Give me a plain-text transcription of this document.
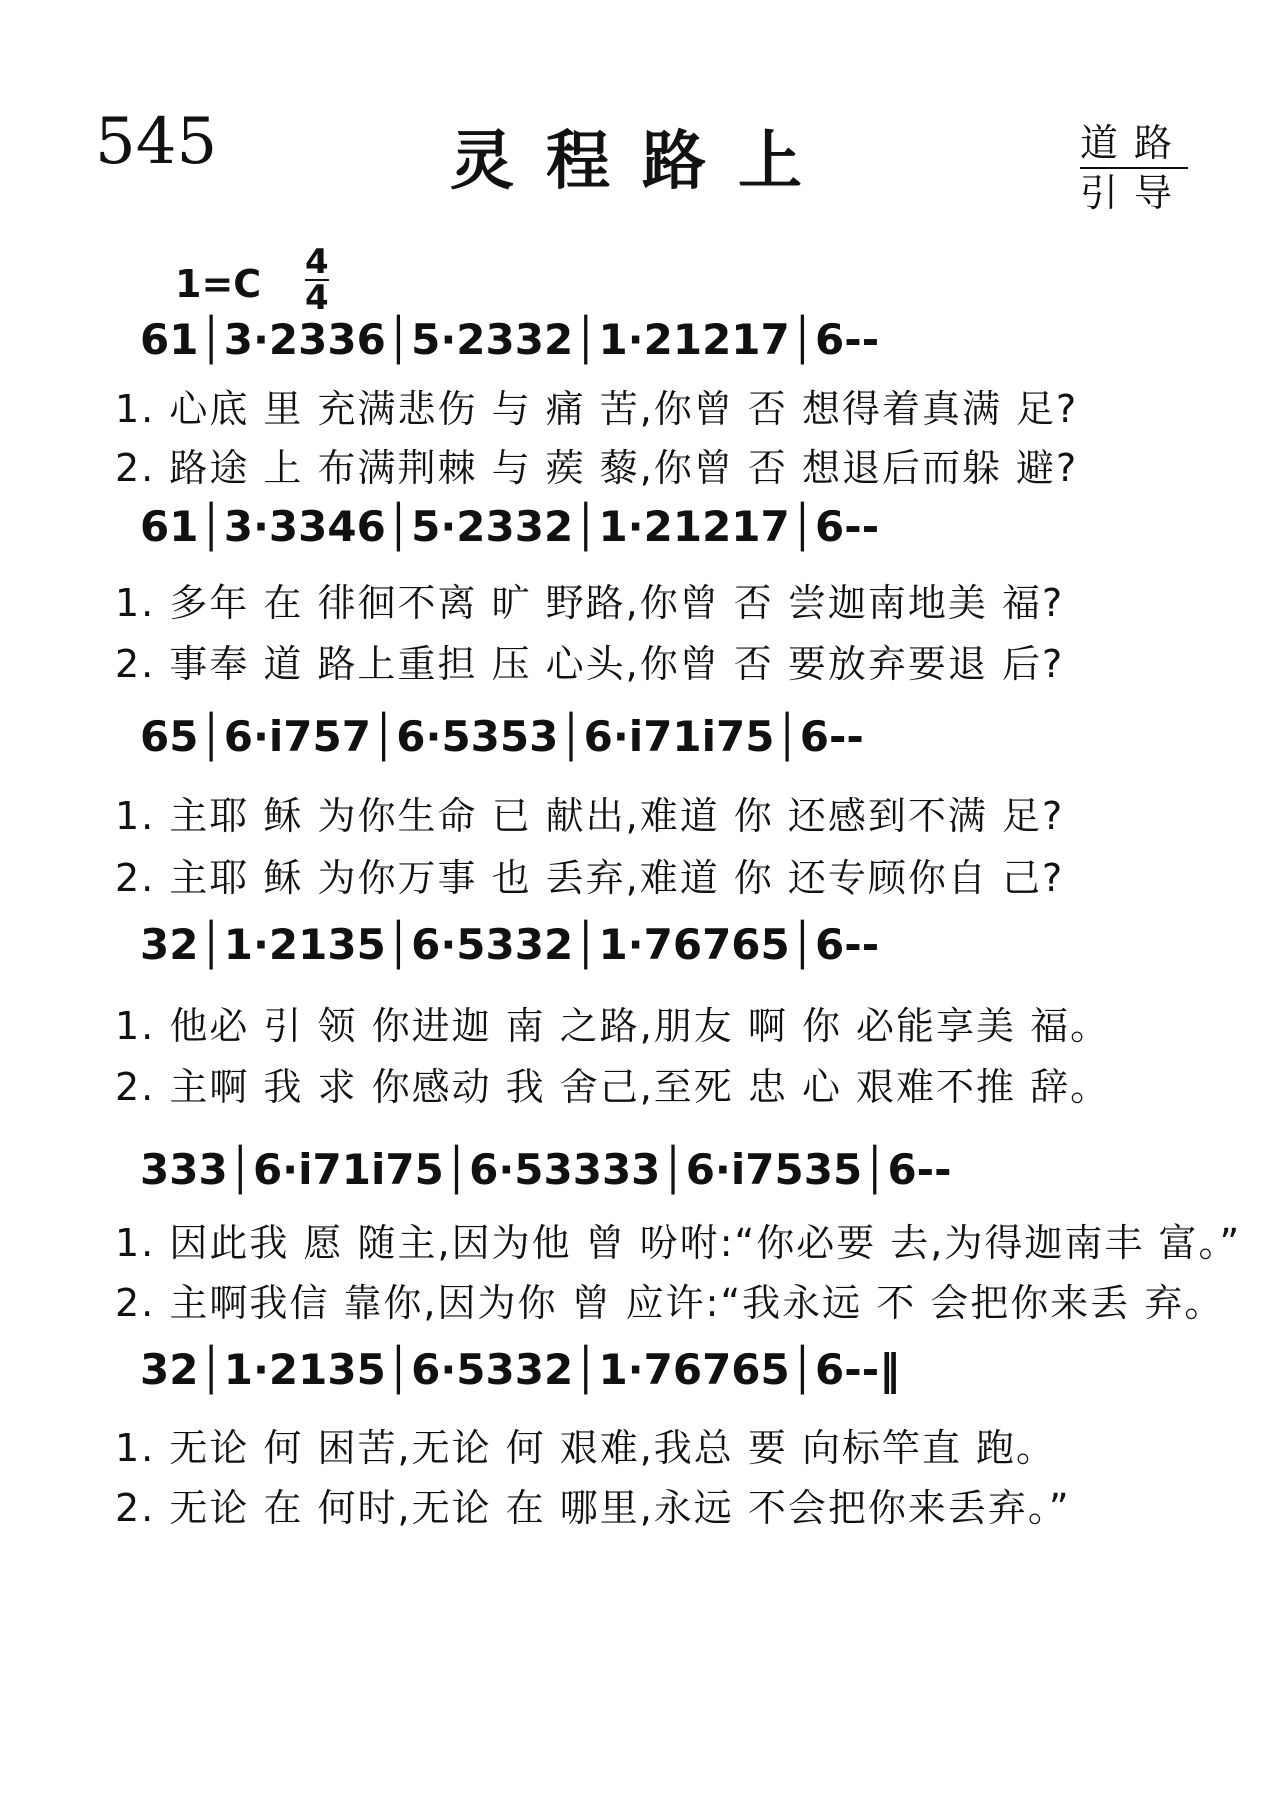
545	灵程路上	道路
引导
1=C 4
4
61│3·2336│5·2332│1·21217│6--
1. 心底 里 充满悲伤 与 痛 苦,你曾 否 想得着真满 足?
2. 路途 上 布满荆棘 与 蒺 藜,你曾 否 想退后而躲 避?
61│3·3346│5·2332│1·21217│6--
1. 多年 在 徘徊不离 旷 野路,你曾 否 尝迦南地美 福?
2. 事奉 道 路上重担 压 心头,你曾 否 要放弃要退 后?
65│6·i757│6·5353│6·i71i75│6--
1. 主耶 稣 为你生命 已 献出,难道 你 还感到不满 足?
2. 主耶 稣 为你万事 也 丢弃,难道 你 还专顾你自 己?
32│1·2135│6·5332│1·76765│6--
1. 他必 引 领 你进迦 南 之路,朋友 啊 你 必能享美 福。
2. 主啊 我 求 你感动 我 舍己,至死 忠 心 艰难不推 辞。
333│6·i71i75│6·53333│6·i7535│6--
1. 因此我 愿 随主,因为他 曾 吩咐:“你必要 去,为得迦南丰 富。”
2. 主啊我信 靠你,因为你 曾 应许:“我永远 不 会把你来丢 弃。
32│1·2135│6·5332│1·76765│6--‖
1. 无论 何 困苦,无论 何 艰难,我总 要 向标竿直 跑。
2. 无论 在 何时,无论 在 哪里,永远 不会把你来丢弃。”
